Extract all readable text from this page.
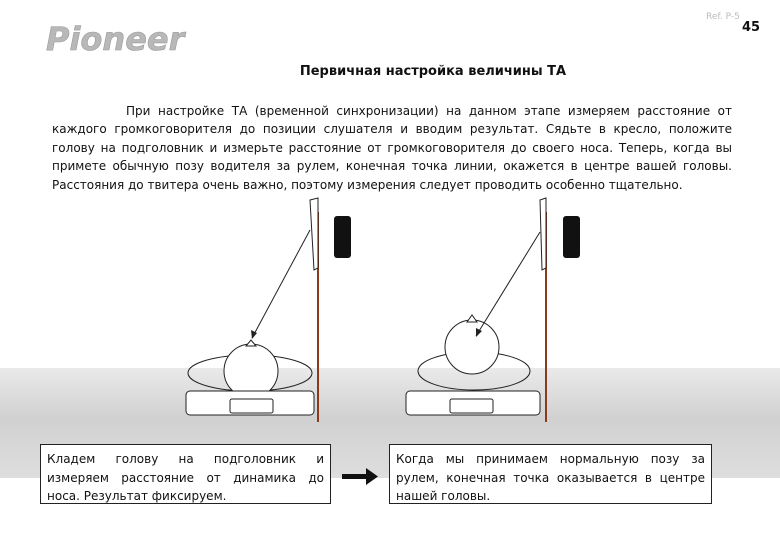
Pioneer
Ref. P-5
45
Первичная настройка величины ТА
При настройке ТА (временной синхронизации) на данном этапе измеряем расстояние от каждого громкоговорителя до позиции слушателя и вводим результат. Сядьте в кресло, положите голову на подголовник и измерьте расстояние от громкоговорителя до своего носа. Теперь, когда вы примете обычную позу водителя за рулем, конечная точка линии, окажется в центре вашей головы. Расстояния до твитера очень важно, поэтому измерения следует проводить особенно тщательно.
Кладем голову на подголовник и измеряем расстояние от динамика до носа. Результат фиксируем.
Когда мы принимаем нормальную позу за рулем, конечная точка оказывается в центре нашей головы.
